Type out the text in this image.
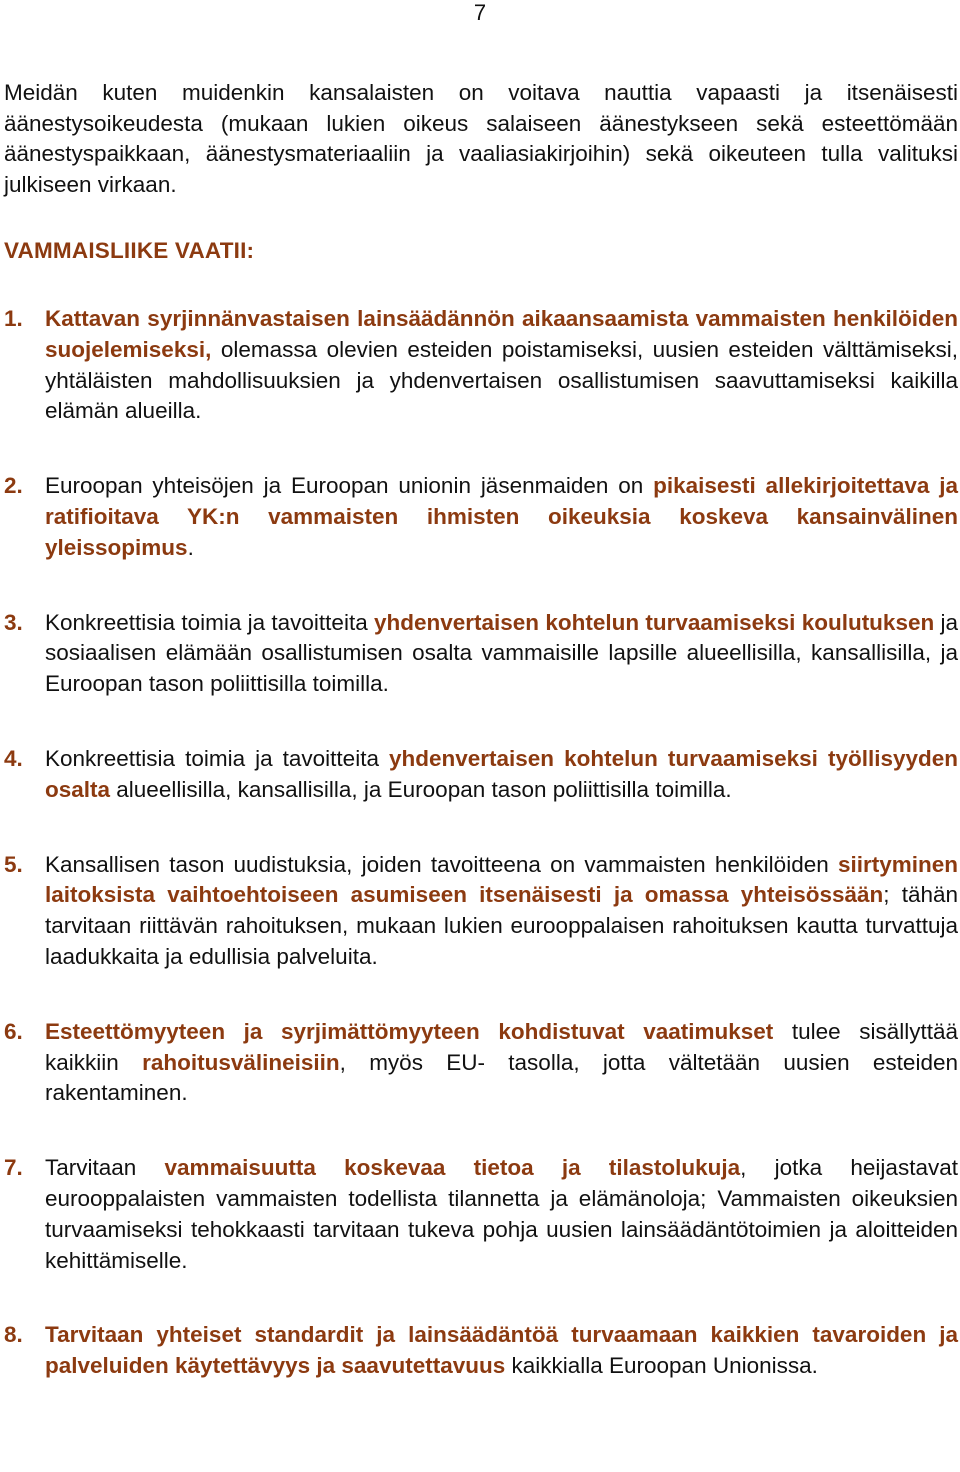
7

Meidän kuten muidenkin kansalaisten on voitava nauttia vapaasti ja itsenäisesti äänestysoikeudesta (mukaan lukien oikeus salaiseen äänestykseen sekä esteettömään äänestyspaikkaan, äänestysmateriaaliin ja vaaliasiakirjoihin) sekä oikeuteen tulla valituksi julkiseen virkaan.

VAMMAISLIIKE VAATII:

1. Kattavan syrjinnänvastaisen lainsäädännön aikaansaamista vammaisten henkilöiden suojelemiseksi, olemassa olevien esteiden poistamiseksi, uusien esteiden välttämiseksi, yhtäläisten mahdollisuuksien ja yhdenvertaisen osallistumisen saavuttamiseksi kaikilla elämän alueilla.

2. Euroopan yhteisöjen ja Euroopan unionin jäsenmaiden on pikaisesti allekirjoitettava ja ratifioitava YK:n vammaisten ihmisten oikeuksia koskeva kansainvälinen yleissopimus.

3. Konkreettisia toimia ja tavoitteita yhdenvertaisen kohtelun turvaamiseksi koulutuksen ja sosiaalisen elämään osallistumisen osalta vammaisille lapsille alueellisilla, kansallisilla, ja Euroopan tason poliittisilla toimilla.

4. Konkreettisia toimia ja tavoitteita yhdenvertaisen kohtelun turvaamiseksi työllisyyden osalta alueellisilla, kansallisilla, ja Euroopan tason poliittisilla toimilla.

5. Kansallisen tason uudistuksia, joiden tavoitteena on vammaisten henkilöiden siirtyminen laitoksista vaihtoehtoiseen asumiseen itsenäisesti ja omassa yhteisössään; tähän tarvitaan riittävän rahoituksen, mukaan lukien eurooppalaisen rahoituksen kautta turvattuja laadukkaita ja edullisia palveluita.

6. Esteettömyyteen ja syrjimättömyyteen kohdistuvat vaatimukset tulee sisällyttää kaikkiin rahoitusvälineisiin, myös EU- tasolla, jotta vältetään uusien esteiden rakentaminen.

7. Tarvitaan vammaisuutta koskevaa tietoa ja tilastolukuja, jotka heijastavat eurooppalaisten vammaisten todellista tilannetta ja elämänoloja; Vammaisten oikeuksien turvaamiseksi tehokkaasti tarvitaan tukeva pohja uusien lainsäädäntötoimien ja aloitteiden kehittämiselle.

8. Tarvitaan yhteiset standardit ja lainsäädäntöä turvaamaan kaikkien tavaroiden ja palveluiden käytettävyys ja saavutettavuus kaikkialla Euroopan Unionissa.
